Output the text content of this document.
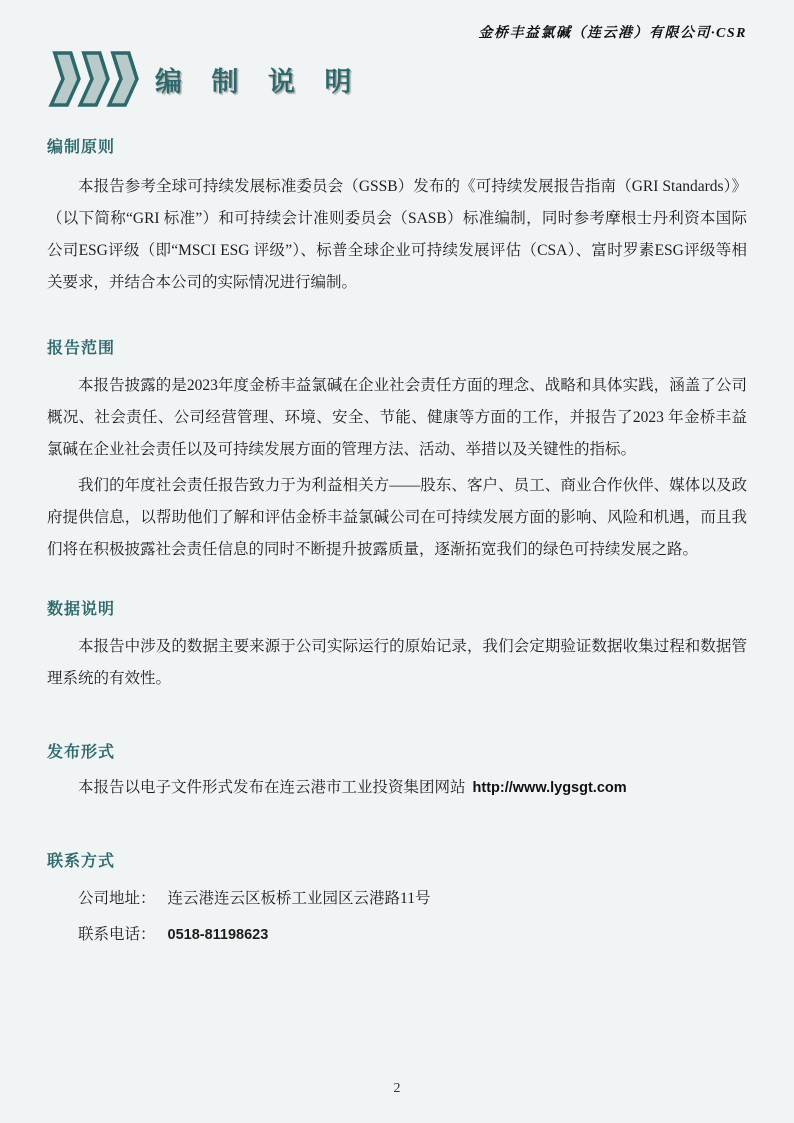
金桥丰益氯碱（连云港）有限公司·CSR
编 制 说 明
编制原则

本报告参考全球可持续发展标准委员会（GSSB）发布的《可持续发展报告指南（GRI Standards）》（以下简称“GRI 标准”）和可持续会计准则委员会（SASB）标准编制，同时参考摩根士丹利资本国际公司ESG评级（即“MSCI ESG 评级”）、标普全球企业可持续发展评估（CSA）、富时罗素ESG评级等相关要求，并结合本公司的实际情况进行编制。

报告范围

本报告披露的是2023年度金桥丰益氯碱在企业社会责任方面的理念、战略和具体实践，涵盖了公司概况、社会责任、公司经营管理、环境、安全、节能、健康等方面的工作，并报告了2023 年金桥丰益氯碱在企业社会责任以及可持续发展方面的管理方法、活动、举措以及关键性的指标。

我们的年度社会责任报告致力于为利益相关方——股东、客户、员工、商业合作伙伴、媒体以及政府提供信息，以帮助他们了解和评估金桥丰益氯碱公司在可持续发展方面的影响、风险和机遇，而且我们将在积极披露社会责任信息的同时不断提升披露质量，逐渐拓宽我们的绿色可持续发展之路。

数据说明

本报告中涉及的数据主要来源于公司实际运行的原始记录，我们会定期验证数据收集过程和数据管理系统的有效性。

发布形式

本报告以电子文件形式发布在连云港市工业投资集团网站 http://www.lygsgt.com

联系方式
公司地址： 连云港连云区板桥工业园区云港路11号
联系电话： 0518-81198623
2
